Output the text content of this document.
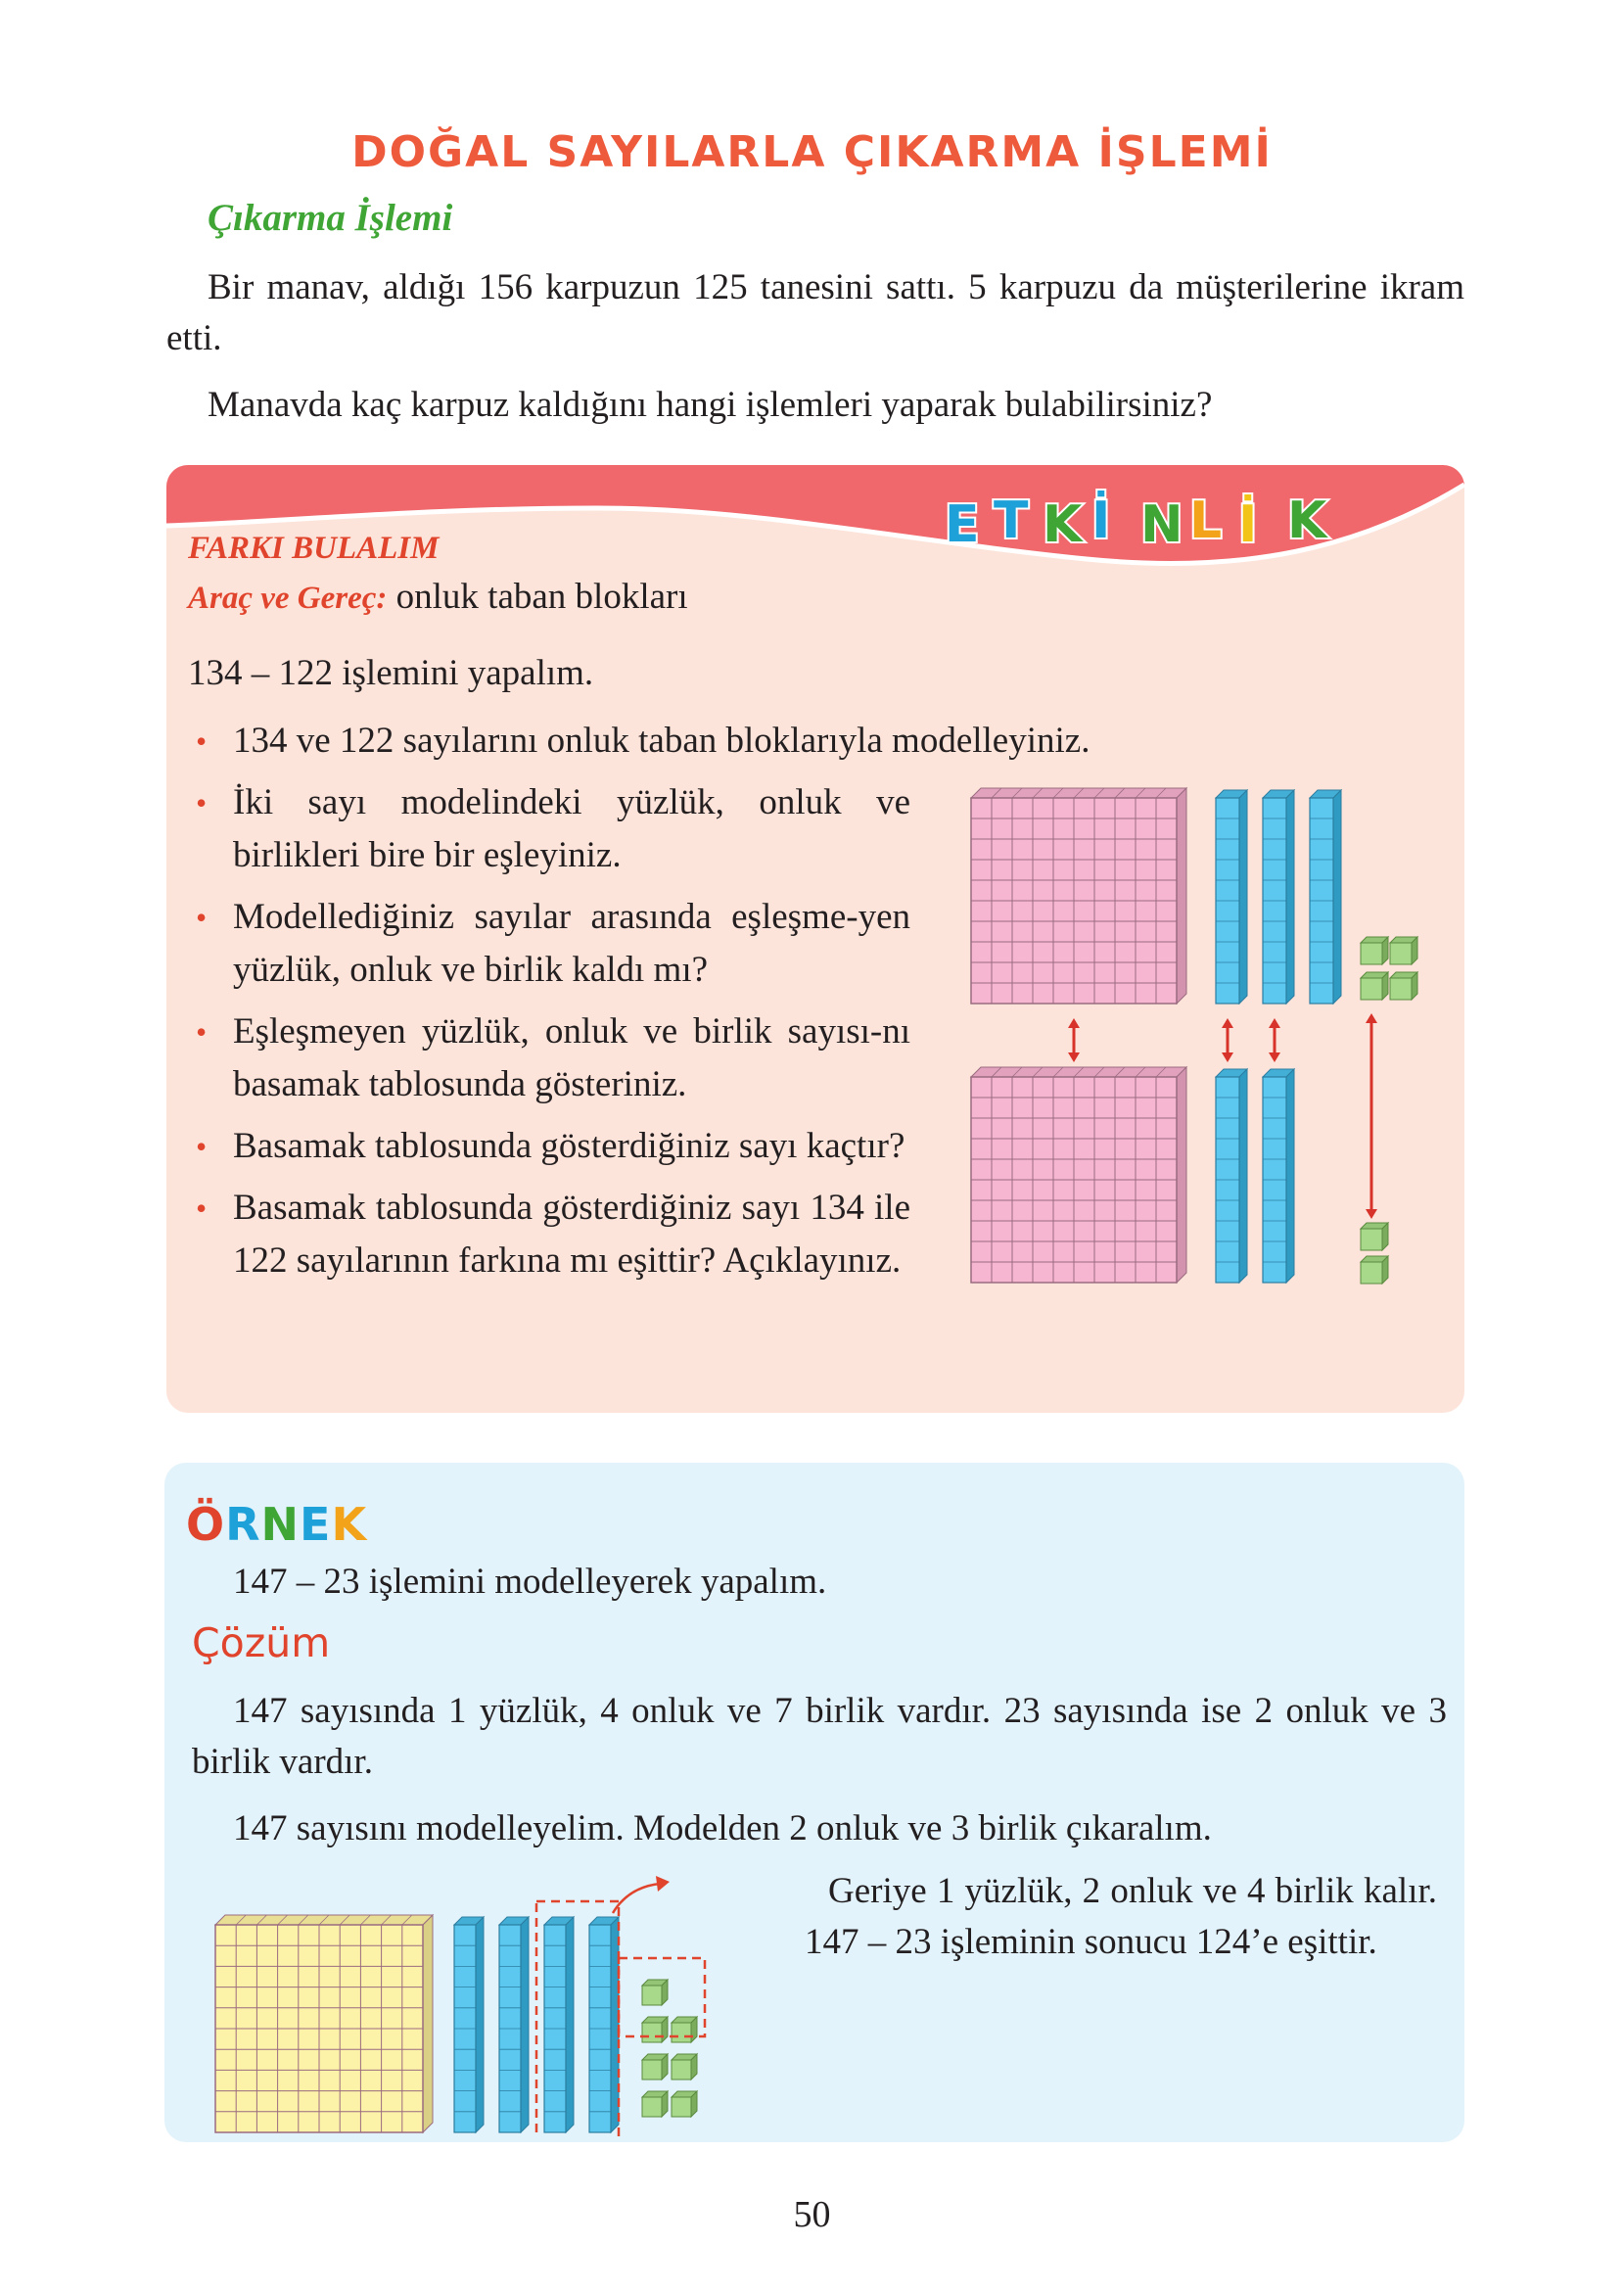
DOĞAL SAYILARLA ÇIKARMA İŞLEMİ
Çıkarma İşlemi
Bir manav, aldığı 156 karpuzun 125 tanesini sattı. 5 karpuzu da müşterilerine ikram etti.
Manavda kaç karpuz kaldığını hangi işlemleri yaparak bulabilirsiniz?
E T K İ N L İ K
FARKI BULALIM
Araç ve Gereç: onluk taban blokları
134 – 122 işlemini yapalım.
• 134 ve 122 sayılarını onluk taban bloklarıyla modelleyiniz.
• İki sayı modelindeki yüzlük, onluk ve birlikleri bire bir eşleyiniz.
• Modellediğiniz sayılar arasında eşleşme-yen yüzlük, onluk ve birlik kaldı mı?
• Eşleşmeyen yüzlük, onluk ve birlik sayısı-nı basamak tablosunda gösteriniz.
• Basamak tablosunda gösterdiğiniz sayı kaçtır?
• Basamak tablosunda gösterdiğiniz sayı 134 ile 122 sayılarının farkına mı eşittir? Açıklayınız.
ÖRNEK
147 – 23 işlemini modelleyerek yapalım.
Çözüm
147 sayısında 1 yüzlük, 4 onluk ve 7 birlik vardır. 23 sayısında ise 2 onluk ve 3 birlik vardır.
147 sayısını modelleyelim. Modelden 2 onluk ve 3 birlik çıkaralım.
Geriye 1 yüzlük, 2 onluk ve 4 birlik kalır. 147 – 23 işleminin sonucu 124’e eşittir.
50
